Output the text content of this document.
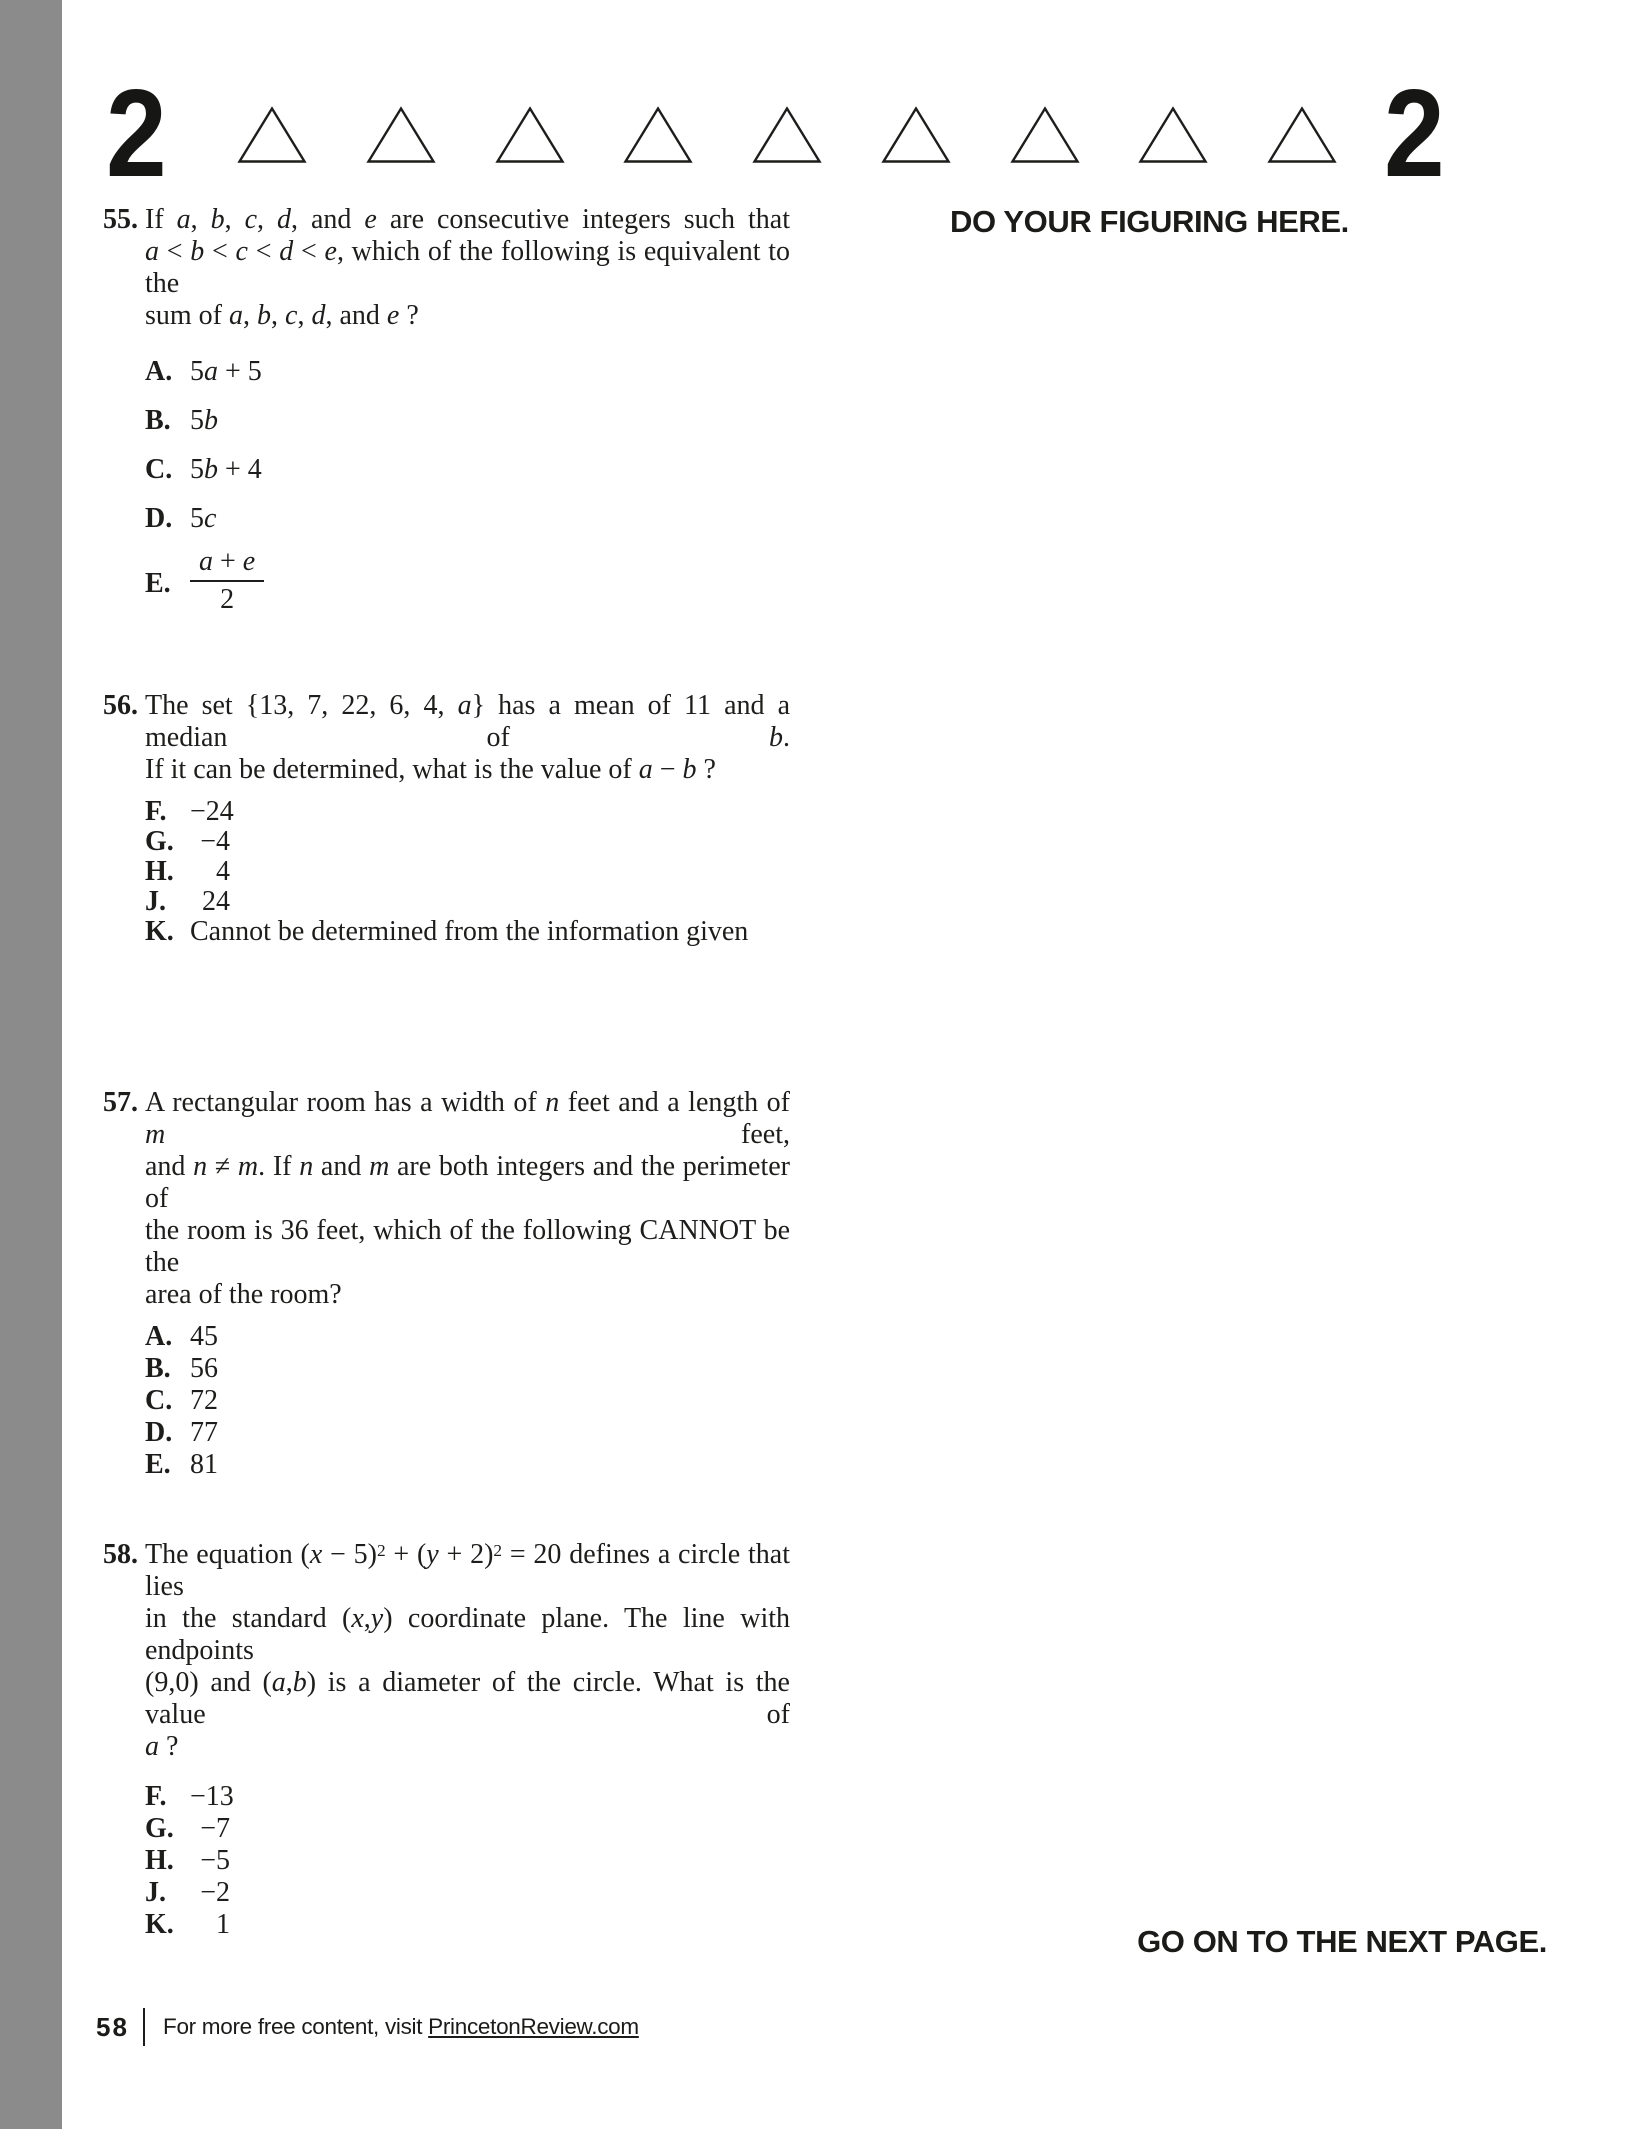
2	2
DO YOUR FIGURING HERE.
55. If a, b, c, d, and e are consecutive integers such that
a < b < c < d < e, which of the following is equivalent to the
sum of a, b, c, d, and e ?
A. 5a + 5
B. 5b
C. 5b + 4
D. 5c
E. $\frac{a + e}{2}$
56. The set {13, 7, 22, 6, 4, a} has a mean of 11 and a median of b.
If it can be determined, what is the value of a − b ?
F. −24
G. −4
H.	4
J.	24
K. Cannot be determined from the information given
57. A rectangular room has a width of n feet and a length of m feet,
and n ≠ m. If n and m are both integers and the perimeter of
the room is 36 feet, which of the following CANNOT be the
area of the room?
A. 45
B. 56
C. 72
D. 77
E. 81
58. The equation $(x - 5)^2 + (y + 2)^2 = 20$ defines a circle that lies
in the standard (x,y) coordinate plane. The line with endpoints
(9,0) and (a,b) is a diameter of the circle. What is the value of
a ?
F. −13
G. −7
H. −5
J.	−2
K.	1	GO ON TO THE NEXT PAGE.
58 For more free content, visit PrincetonReview.com
